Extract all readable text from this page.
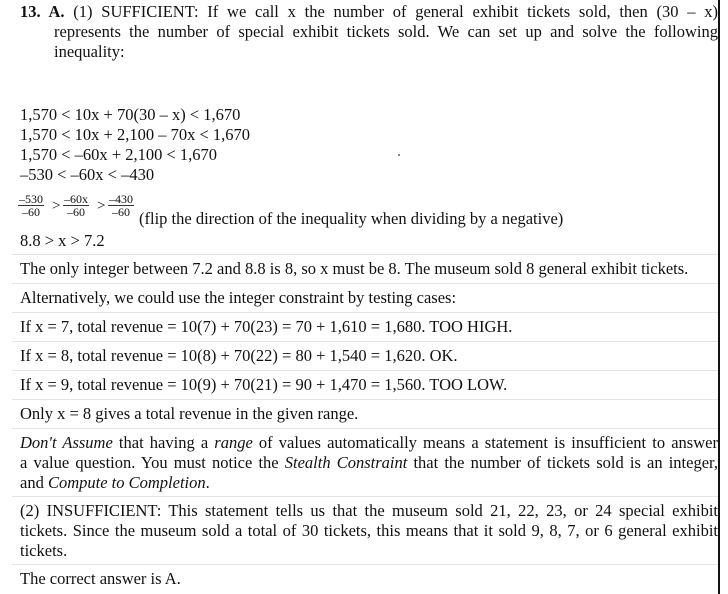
13. A. (1) SUFFICIENT: If we call x the number of general exhibit tickets sold, then (30 – x)
represents the number of special exhibit tickets sold. We can set up and solve the following
inequality:
1,570 < 10x + 70(30 – x) < 1,670
1,570 < 10x + 2,100 – 70x < 1,670
1,570 < –60x + 2,100 < 1,670
–530 < –60x < –430
$\frac{-530}{-60} > \frac{-60x}{-60} > \frac{-430}{-60}$
(flip the direction of the inequality when dividing by a negative)
8.8 > x > 7.2
The only integer between 7.2 and 8.8 is 8, so x must be 8. The museum sold 8 general exhibit tickets.
Alternatively, we could use the integer constraint by testing cases:
If x = 7, total revenue = 10(7) + 70(23) = 70 + 1,610 = 1,680. TOO HIGH.
If x = 8, total revenue = 10(8) + 70(22) = 80 + 1,540 = 1,620. OK.
If x = 9, total revenue = 10(9) + 70(21) = 90 + 1,470 = 1,560. TOO LOW.
Only x = 8 gives a total revenue in the given range.
Don't Assume that having a range of values automatically means a statement is insufficient to answer
a value question. You must notice the Stealth Constraint that the number of tickets sold is an integer,
and Compute to Completion.
(2) INSUFFICIENT: This statement tells us that the museum sold 21, 22, 23, or 24 special exhibit
tickets. Since the museum sold a total of 30 tickets, this means that it sold 9, 8, 7, or 6 general exhibit
tickets.
The correct answer is A.
